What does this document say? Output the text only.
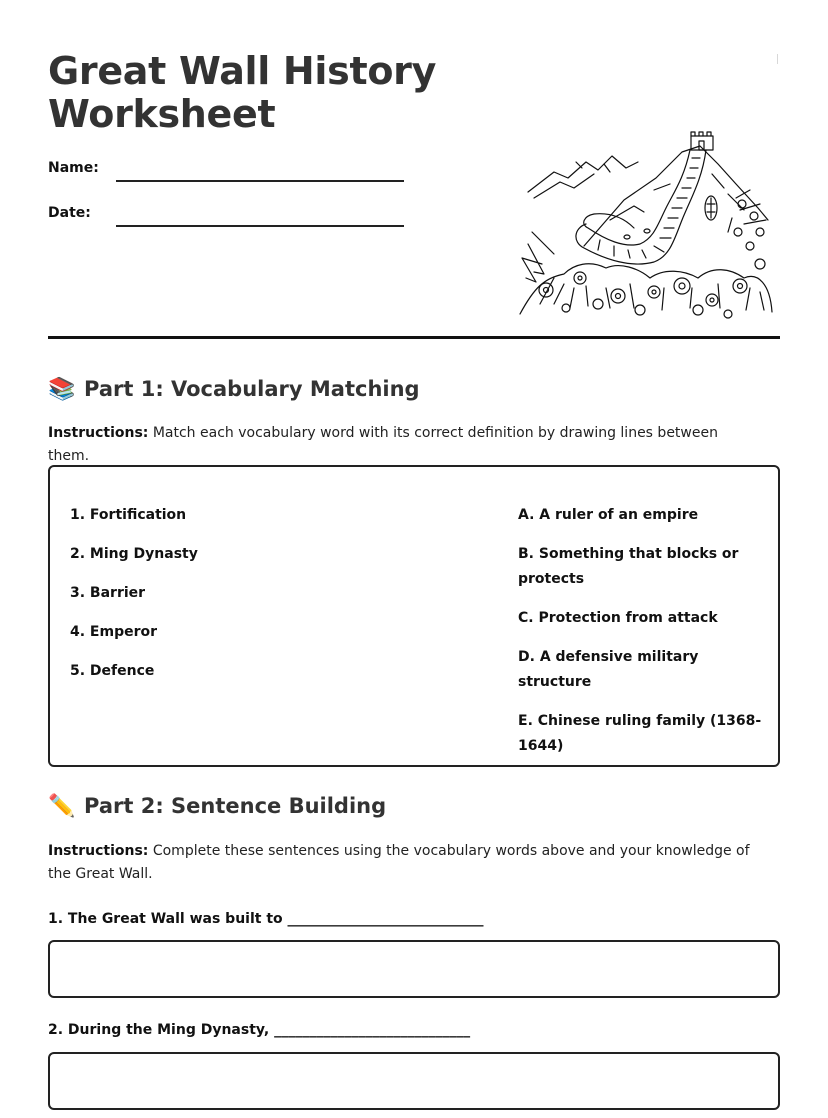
Great Wall History Worksheet
Name:
Date:
📚 Part 1: Vocabulary Matching

Instructions: Match each vocabulary word with its correct definition by drawing lines between them.

1. Fortification
2. Ming Dynasty
3. Barrier
4. Emperor
5. Defence
A. A ruler of an empire
B. Something that blocks or protects
C. Protection from attack
D. A defensive military structure
E. Chinese ruling family (1368-1644)
✏️ Part 2: Sentence Building

Instructions: Complete these sentences using the vocabulary words above and your knowledge of the Great Wall.

1. The Great Wall was built to ____________________________
2. During the Ming Dynasty, ____________________________
